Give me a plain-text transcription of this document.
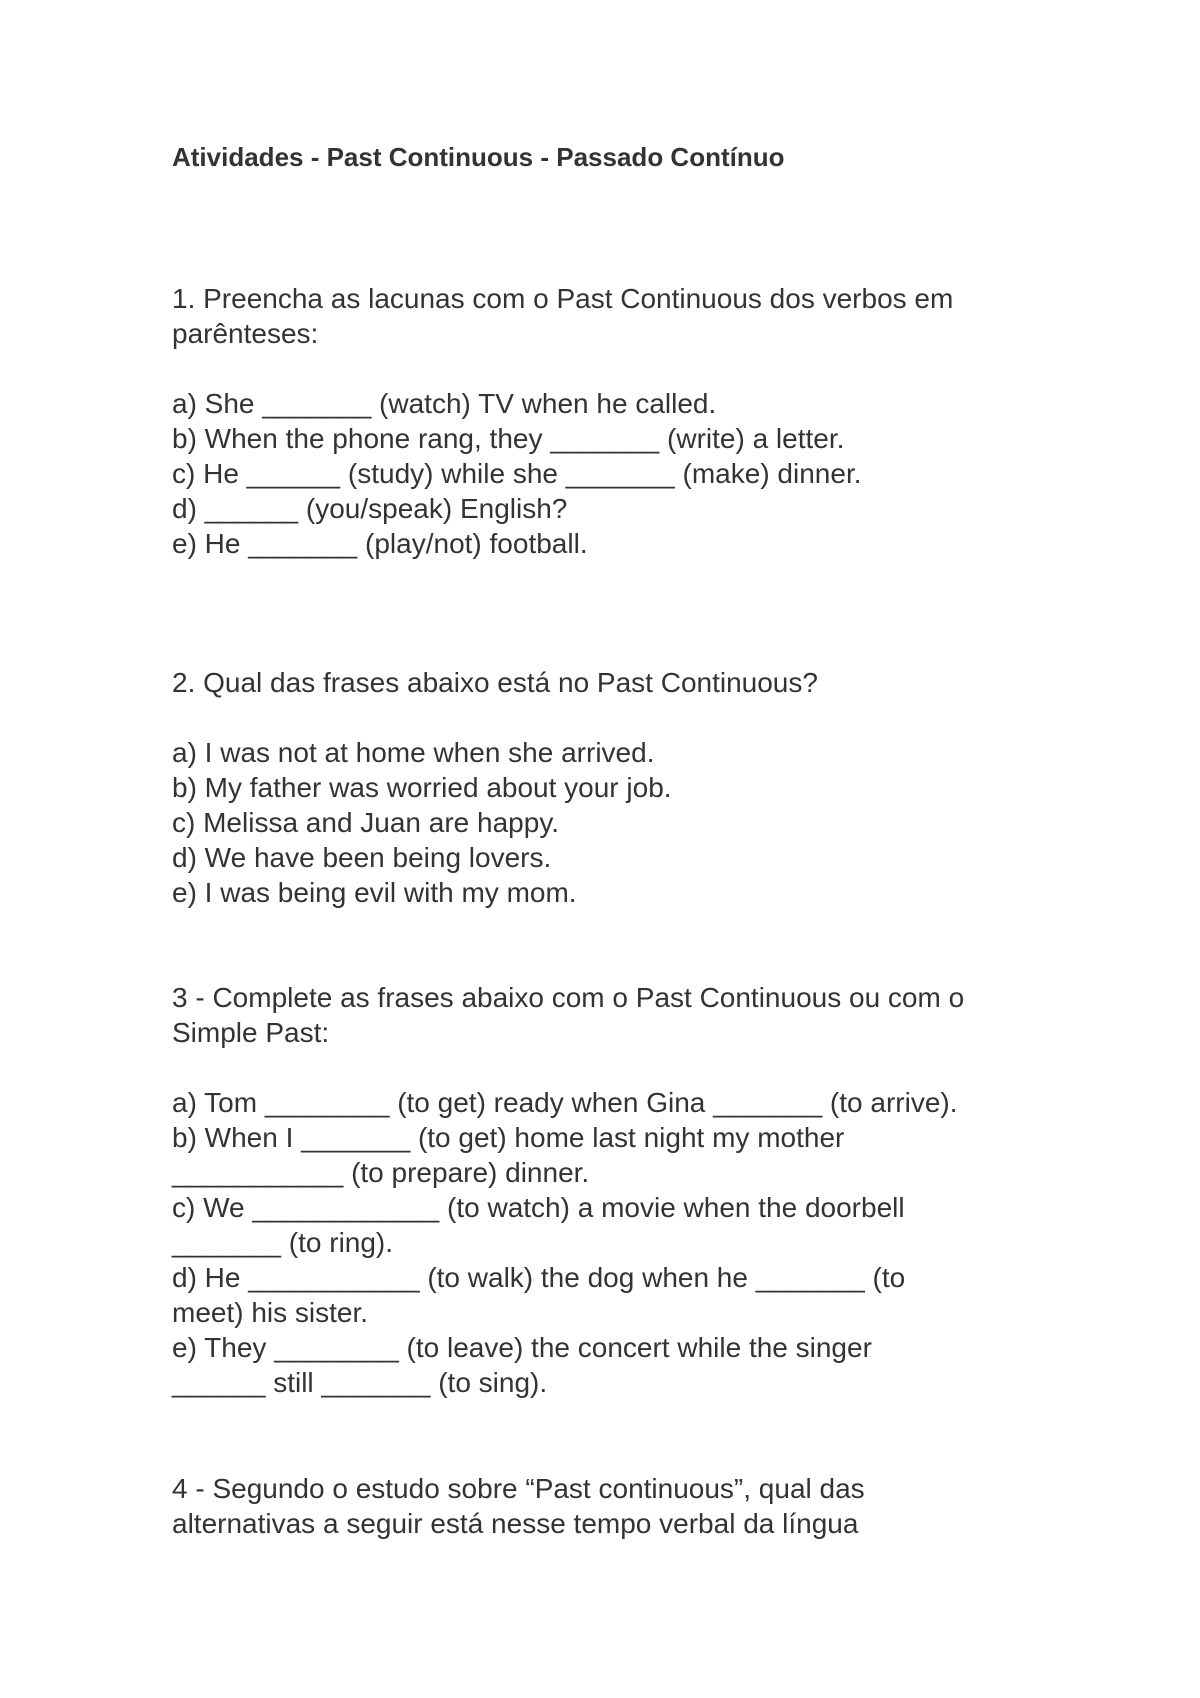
Atividades - Past Continuous - Passado Contínuo
1. Preencha as lacunas com o Past Continuous dos verbos em
parênteses:
a) She _______ (watch) TV when he called.
b) When the phone rang, they _______ (write) a letter.
c) He ______ (study) while she _______ (make) dinner.
d) ______ (you/speak) English?
e) He _______ (play/not) football.
2. Qual das frases abaixo está no Past Continuous?
a) I was not at home when she arrived.
b) My father was worried about your job.
c) Melissa and Juan are happy.
d) We have been being lovers.
e) I was being evil with my mom.
3 - Complete as frases abaixo com o Past Continuous ou com o
Simple Past:
a) Tom ________ (to get) ready when Gina _______ (to arrive).
b) When I _______ (to get) home last night my mother
___________ (to prepare) dinner.
c) We ____________ (to watch) a movie when the doorbell
_______ (to ring).
d) He ___________ (to walk) the dog when he _______ (to
meet) his sister.
e) They ________ (to leave) the concert while the singer
______ still _______ (to sing).
4 - Segundo o estudo sobre “Past continuous”, qual das
alternativas a seguir está nesse tempo verbal da língua
